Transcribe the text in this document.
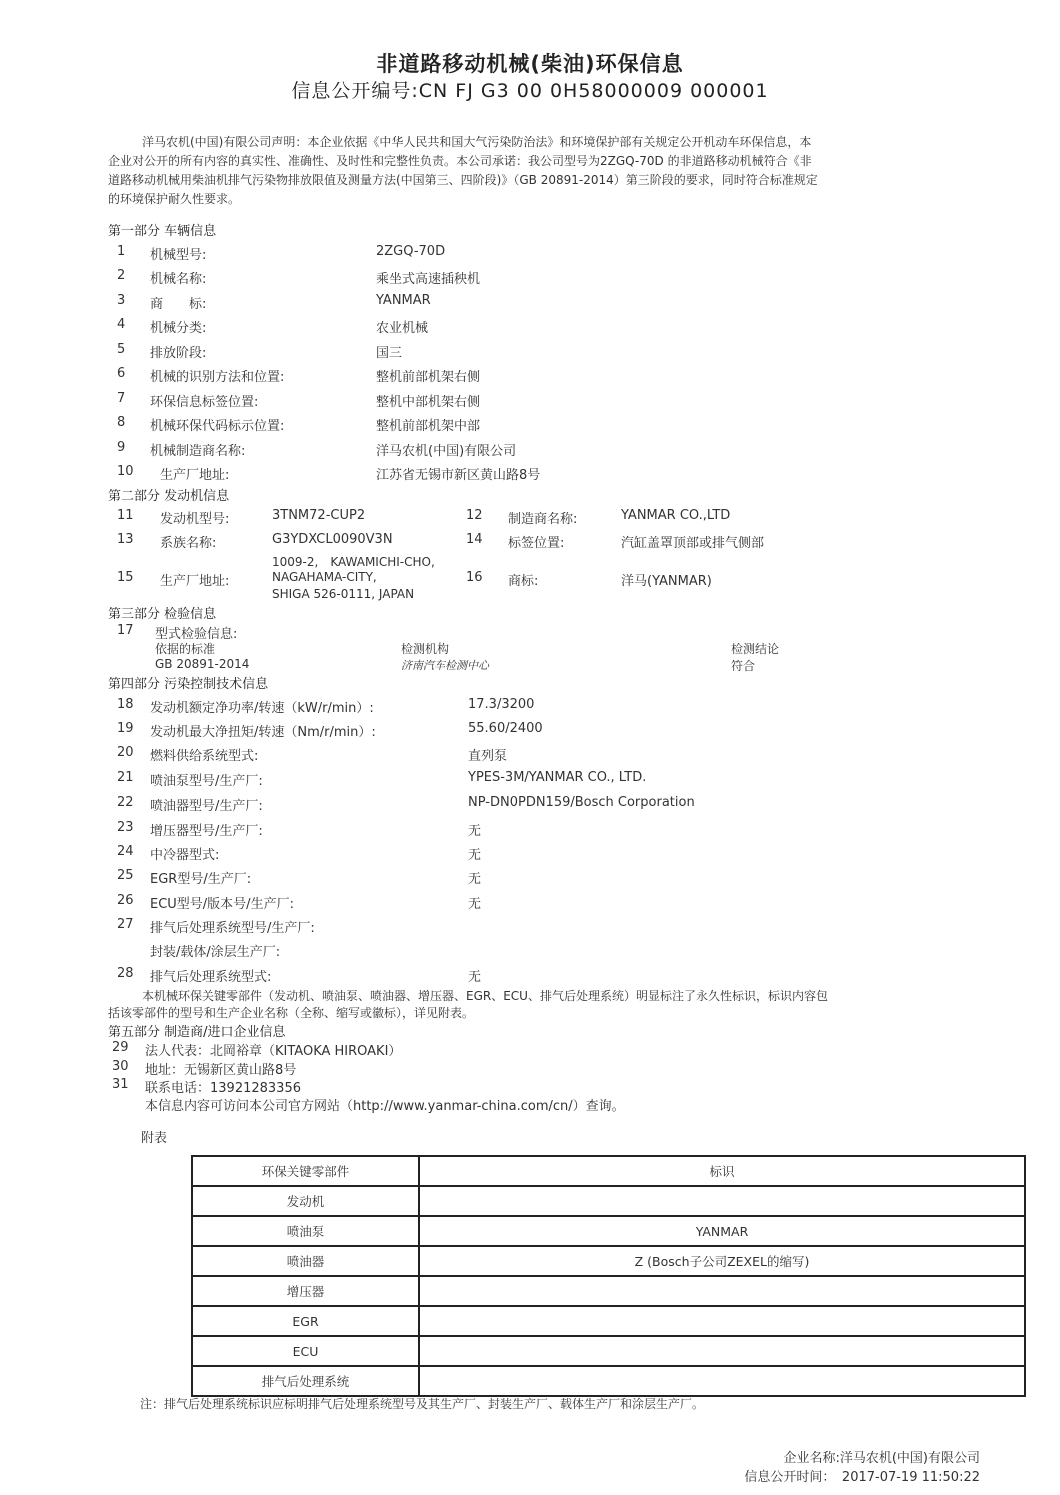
非道路移动机械(柴油)环保信息
信息公开编号:CN FJ G3 00 0H58000009 000001
洋马农机(中国)有限公司声明：本企业依据《中华人民共和国大气污染防治法》和环境保护部有关规定公开机动车环保信息，本
企业对公开的所有内容的真实性、准确性、及时性和完整性负责。本公司承诺：我公司型号为2ZGQ-70D 的非道路移动机械符合《非
道路移动机械用柴油机排气污染物排放限值及测量方法(中国第三、四阶段)》（GB 20891-2014）第三阶段的要求，同时符合标准规定
的环境保护耐久性要求。
第一部分 车辆信息
1 机械型号:	2ZGQ-70D
2 机械名称:	乘坐式高速插秧机
3 商　　标:	YANMAR
4 机械分类:	农业机械
5 排放阶段:	国三
6 机械的识别方法和位置:	整机前部机架右侧
7 环保信息标签位置:	整机中部机架右侧
8 机械环保代码标示位置:	整机前部机架中部
9 机械制造商名称:	洋马农机(中国)有限公司
10 生产厂地址:	江苏省无锡市新区黄山路8号
第二部分 发动机信息
11 发动机型号:	3TNM72-CUP2	12 制造商名称:	YANMAR CO.,LTD
13 系族名称:	G3YDXCL0090V3N	14 标签位置:	汽缸盖罩顶部或排气侧部
1009-2,　KAWAMICHI-CHO,
15 生产厂地址:	NAGAHAMA-CITY,
SHIGA 526-0111, JAPAN
16 商标:	洋马(YANMAR)
第三部分 检验信息
17 型式检验信息:
依据的标准	检测机构	检测结论
GB 20891-2014	济南汽车检测中心	符合
第四部分 污染控制技术信息
18 发动机额定净功率/转速（kW/r/min）:	17.3/3200
19 发动机最大净扭矩/转速（Nm/r/min）:	55.60/2400
20 燃料供给系统型式:	直列泵
21 喷油泵型号/生产厂:	YPES-3M/YANMAR CO., LTD.
22 喷油器型号/生产厂:	NP-DN0PDN159/Bosch Corporation
23 增压器型号/生产厂:	无
24 中冷器型式:	无
25 EGR型号/生产厂:	无
26 ECU型号/版本号/生产厂:	无
27 排气后处理系统型号/生产厂:
封装/载体/涂层生产厂:
28 排气后处理系统型式:	无
本机械环保关键零部件（发动机、喷油泵、喷油器、增压器、EGR、ECU、排气后处理系统）明显标注了永久性标识，标识内容包
括该零部件的型号和生产企业名称（全称、缩写或徽标），详见附表。
第五部分 制造商/进口企业信息
29 法人代表：北岡裕章（KITAOKA HIROAKI）
30 地址：无锡新区黄山路8号
31 联系电话：13921283356
本信息内容可访问本公司官方网站（http://www.yanmar-china.com/cn/）查询。
附表
环保关键零部件	标识
发动机	
喷油泵	YANMAR
喷油器	Z (Bosch子公司ZEXEL的缩写)
增压器	
EGR	
ECU	
排气后处理系统	
注：排气后处理系统标识应标明排气后处理系统型号及其生产厂、封装生产厂、载体生产厂和涂层生产厂。
企业名称:洋马农机(中国)有限公司
信息公开时间：　2017-07-19 11:50:22
